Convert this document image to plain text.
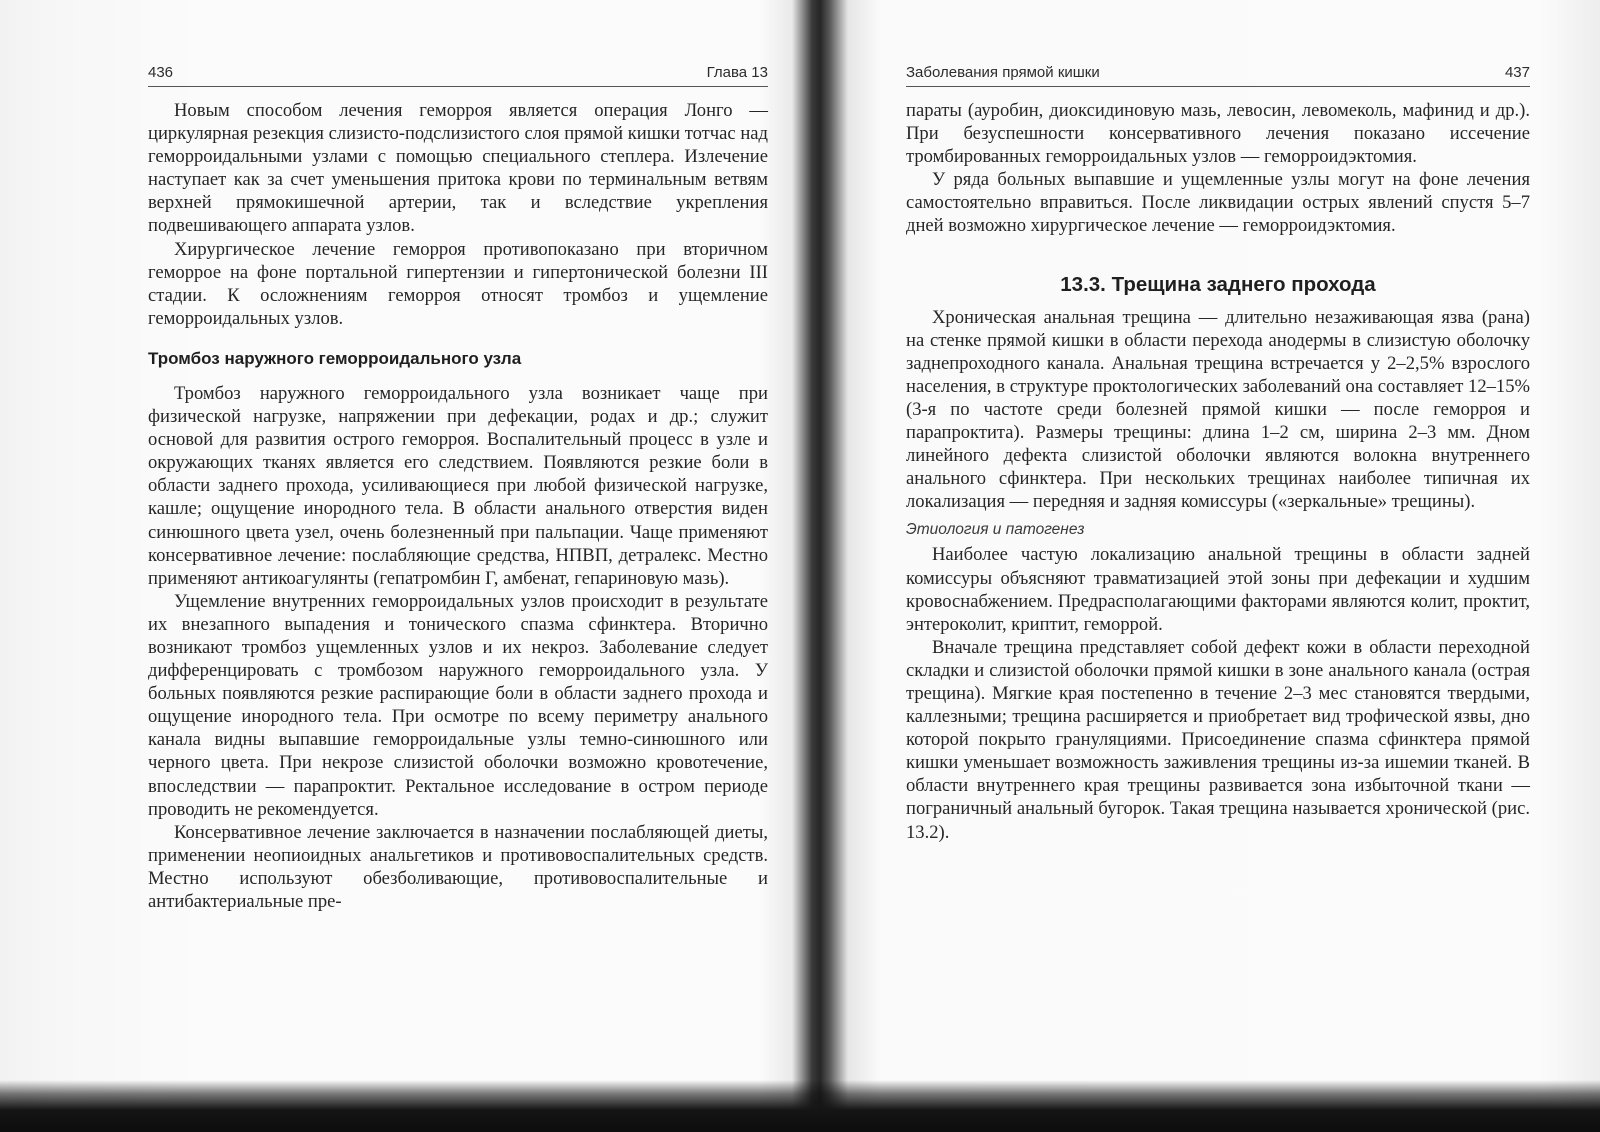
436	Глава 13

Новым способом лечения геморроя является операция Лонго — циркулярная резекция слизисто-подслизистого слоя прямой кишки тотчас над геморроидальными узлами с помощью специального степлера. Излечение наступает как за счет уменьшения притока крови по терминальным ветвям верхней прямокишечной артерии, так и вследствие укрепления подвешивающего аппарата узлов.

Хирургическое лечение геморроя противопоказано при вторичном геморрое на фоне портальной гипертензии и гипертонической болезни III стадии. К осложнениям геморроя относят тромбоз и ущемление геморроидальных узлов.

Тромбоз наружного геморроидального узла

Тромбоз наружного геморроидального узла возникает чаще при физической нагрузке, напряжении при дефекации, родах и др.; служит основой для развития острого геморроя. Воспалительный процесс в узле и окружающих тканях является его следствием. Появляются резкие боли в области заднего прохода, усиливающиеся при любой физической нагрузке, кашле; ощущение инородного тела. В области анального отверстия виден синюшного цвета узел, очень болезненный при пальпации. Чаще применяют консервативное лечение: послабляющие средства, НПВП, детралекс. Местно применяют антикоагулянты (гепатромбин Г, амбенат, гепариновую мазь).

Ущемление внутренних геморроидальных узлов происходит в результате их внезапного выпадения и тонического спазма сфинктера. Вторично возникают тромбоз ущемленных узлов и их некроз. Заболевание следует дифференцировать с тромбозом наружного геморроидального узла. У больных появляются резкие распирающие боли в области заднего прохода и ощущение инородного тела. При осмотре по всему периметру анального канала видны выпавшие геморроидальные узлы темно-синюшного или черного цвета. При некрозе слизистой оболочки возможно кровотечение, впоследствии — парапроктит. Ректальное исследование в остром периоде проводить не рекомендуется.

Консервативное лечение заключается в назначении послабляющей диеты, применении неопиоидных анальгетиков и противовоспалительных средств. Местно используют обезболивающие, противовоспалительные и антибактериальные пре-

Заболевания прямой кишки	437

параты (ауробин, диоксидиновую мазь, левосин, левомеколь, мафинид и др.). При безуспешности консервативного лечения показано иссечение тромбированных геморроидальных узлов — геморроидэктомия.

У ряда больных выпавшие и ущемленные узлы могут на фоне лечения самостоятельно вправиться. После ликвидации острых явлений спустя 5–7 дней возможно хирургическое лечение — геморроидэктомия.

13.3. Трещина заднего прохода

Хроническая анальная трещина — длительно незаживающая язва (рана) на стенке прямой кишки в области перехода анодермы в слизистую оболочку заднепроходного канала. Анальная трещина встречается у 2–2,5% взрослого населения, в структуре проктологических заболеваний она составляет 12–15% (3-я по частоте среди болезней прямой кишки — после геморроя и парапроктита). Размеры трещины: длина 1–2 см, ширина 2–3 мм. Дном линейного дефекта слизистой оболочки являются волокна внутреннего анального сфинктера. При нескольких трещинах наиболее типичная их локализация — передняя и задняя комиссуры («зеркальные» трещины).

Этиология и патогенез

Наиболее частую локализацию анальной трещины в области задней комиссуры объясняют травматизацией этой зоны при дефекации и худшим кровоснабжением. Предрасполагающими факторами являются колит, проктит, энтероколит, криптит, геморрой.

Вначале трещина представляет собой дефект кожи в области переходной складки и слизистой оболочки прямой кишки в зоне анального канала (острая трещина). Мягкие края постепенно в течение 2–3 мес становятся твердыми, каллезными; трещина расширяется и приобретает вид трофической язвы, дно которой покрыто грануляциями. Присоединение спазма сфинктера прямой кишки уменьшает возможность заживления трещины из-за ишемии тканей. В области внутреннего края трещины развивается зона избыточной ткани — пограничный анальный бугорок. Такая трещина называется хронической (рис. 13.2).
